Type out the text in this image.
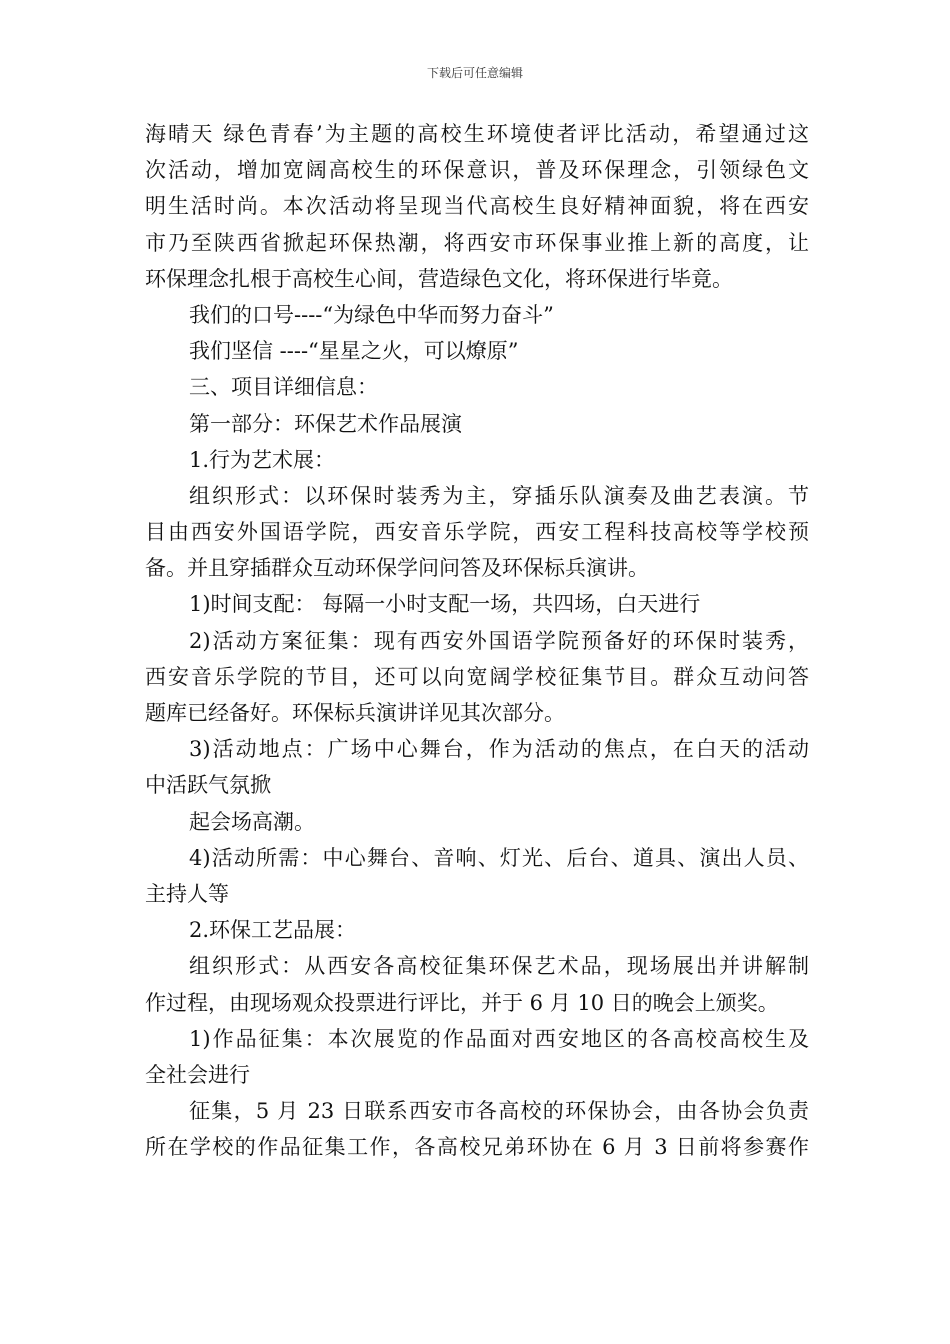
下载后可任意编辑
海晴天 绿色青春’为主题的高校生环境使者评比活动，希望通过这
次活动，增加宽阔高校生的环保意识，普及环保理念，引领绿色文
明生活时尚。本次活动将呈现当代高校生良好精神面貌，将在西安
市乃至陕西省掀起环保热潮，将西安市环保事业推上新的高度，让
环保理念扎根于高校生心间，营造绿色文化，将环保进行毕竟。
我们的口号----“为绿色中华而努力奋斗”
我们坚信 ----“星星之火，可以燎原”
三、项目详细信息：
第一部分：环保艺术作品展演
1.行为艺术展：
组织形式：以环保时装秀为主，穿插乐队演奏及曲艺表演。节
目由西安外国语学院，西安音乐学院，西安工程科技高校等学校预
备。并且穿插群众互动环保学问问答及环保标兵演讲。
1)时间支配： 每隔一小时支配一场，共四场，白天进行
2)活动方案征集：现有西安外国语学院预备好的环保时装秀，
西安音乐学院的节目，还可以向宽阔学校征集节目。群众互动问答
题库已经备好。环保标兵演讲详见其次部分。
3)活动地点：广场中心舞台，作为活动的焦点，在白天的活动
中活跃气氛掀
起会场高潮。
4)活动所需：中心舞台、音响、灯光、后台、道具、演出人员、
主持人等
2.环保工艺品展：
组织形式：从西安各高校征集环保艺术品，现场展出并讲解制
作过程，由现场观众投票进行评比，并于 6 月 10 日的晚会上颁奖。
1)作品征集：本次展览的作品面对西安地区的各高校高校生及
全社会进行
征集，5 月 23 日联系西安市各高校的环保协会，由各协会负责
所在学校的作品征集工作，各高校兄弟环协在 6 月 3 日前将参赛作
